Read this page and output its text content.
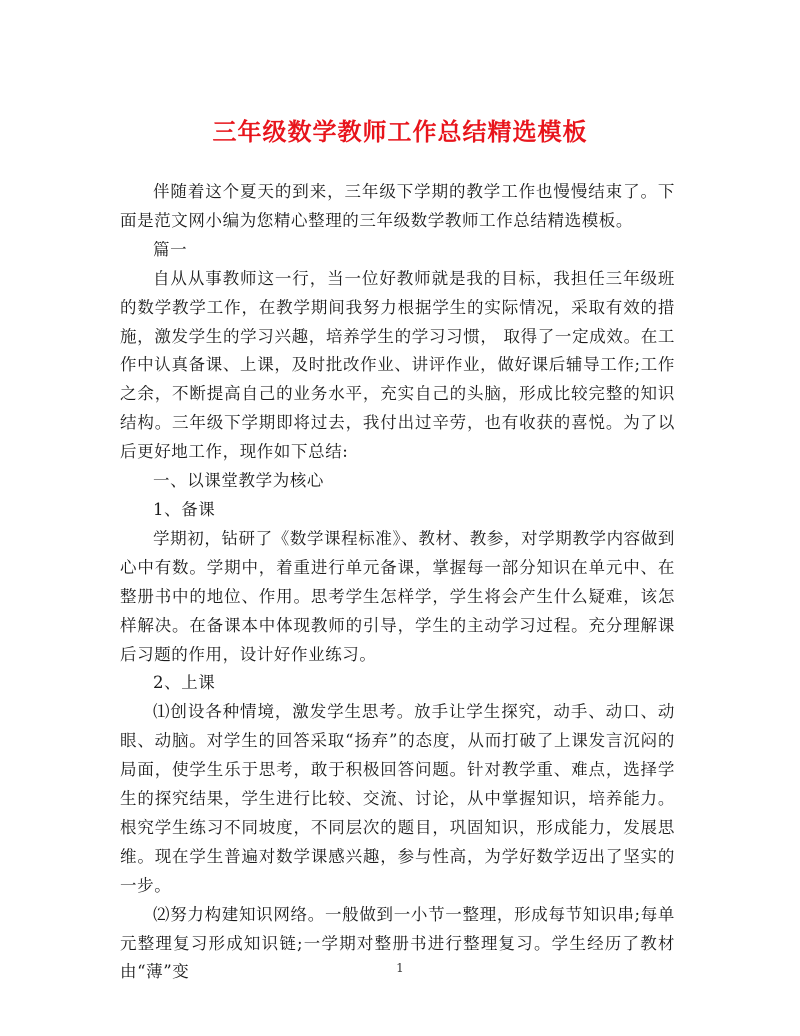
三年级数学教师工作总结精选模板

伴随着这个夏天的到来，三年级下学期的教学工作也慢慢结束了。下面是范文网小编为您精心整理的三年级数学教师工作总结精选模板。

篇一

自从从事教师这一行，当一位好教师就是我的目标，我担任三年级班的数学教学工作，在教学期间我努力根据学生的实际情况，采取有效的措施，激发学生的学习兴趣，培养学生的学习习惯， 取得了一定成效。在工作中认真备课、上课，及时批改作业、讲评作业，做好课后辅导工作;工作之余，不断提高自己的业务水平，充实自己的头脑，形成比较完整的知识结构。三年级下学期即将过去，我付出过辛劳，也有收获的喜悦。为了以后更好地工作，现作如下总结:

一、以课堂教学为核心

1、备课

学期初，钻研了《数学课程标准》、教材、教参，对学期教学内容做到心中有数。学期中，着重进行单元备课，掌握每一部分知识在单元中、在整册书中的地位、作用。思考学生怎样学，学生将会产生什么疑难，该怎样解决。在备课本中体现教师的引导，学生的主动学习过程。充分理解课后习题的作用，设计好作业练习。

2、上课

⑴创设各种情境，激发学生思考。放手让学生探究，动手、动口、动眼、动脑。对学生的回答采取“扬弃”的态度，从而打破了上课发言沉闷的局面，使学生乐于思考，敢于积极回答问题。针对教学重、难点，选择学生的探究结果，学生进行比较、交流、讨论，从中掌握知识，培养能力。根究学生练习不同坡度，不同层次的题目，巩固知识，形成能力，发展思维。现在学生普遍对数学课感兴趣，参与性高，为学好数学迈出了坚实的一步。

⑵努力构建知识网络。一般做到一小节一整理，形成每节知识串;每单元整理复习形成知识链;一学期对整册书进行整理复习。学生经历了教材由“薄”变	1
